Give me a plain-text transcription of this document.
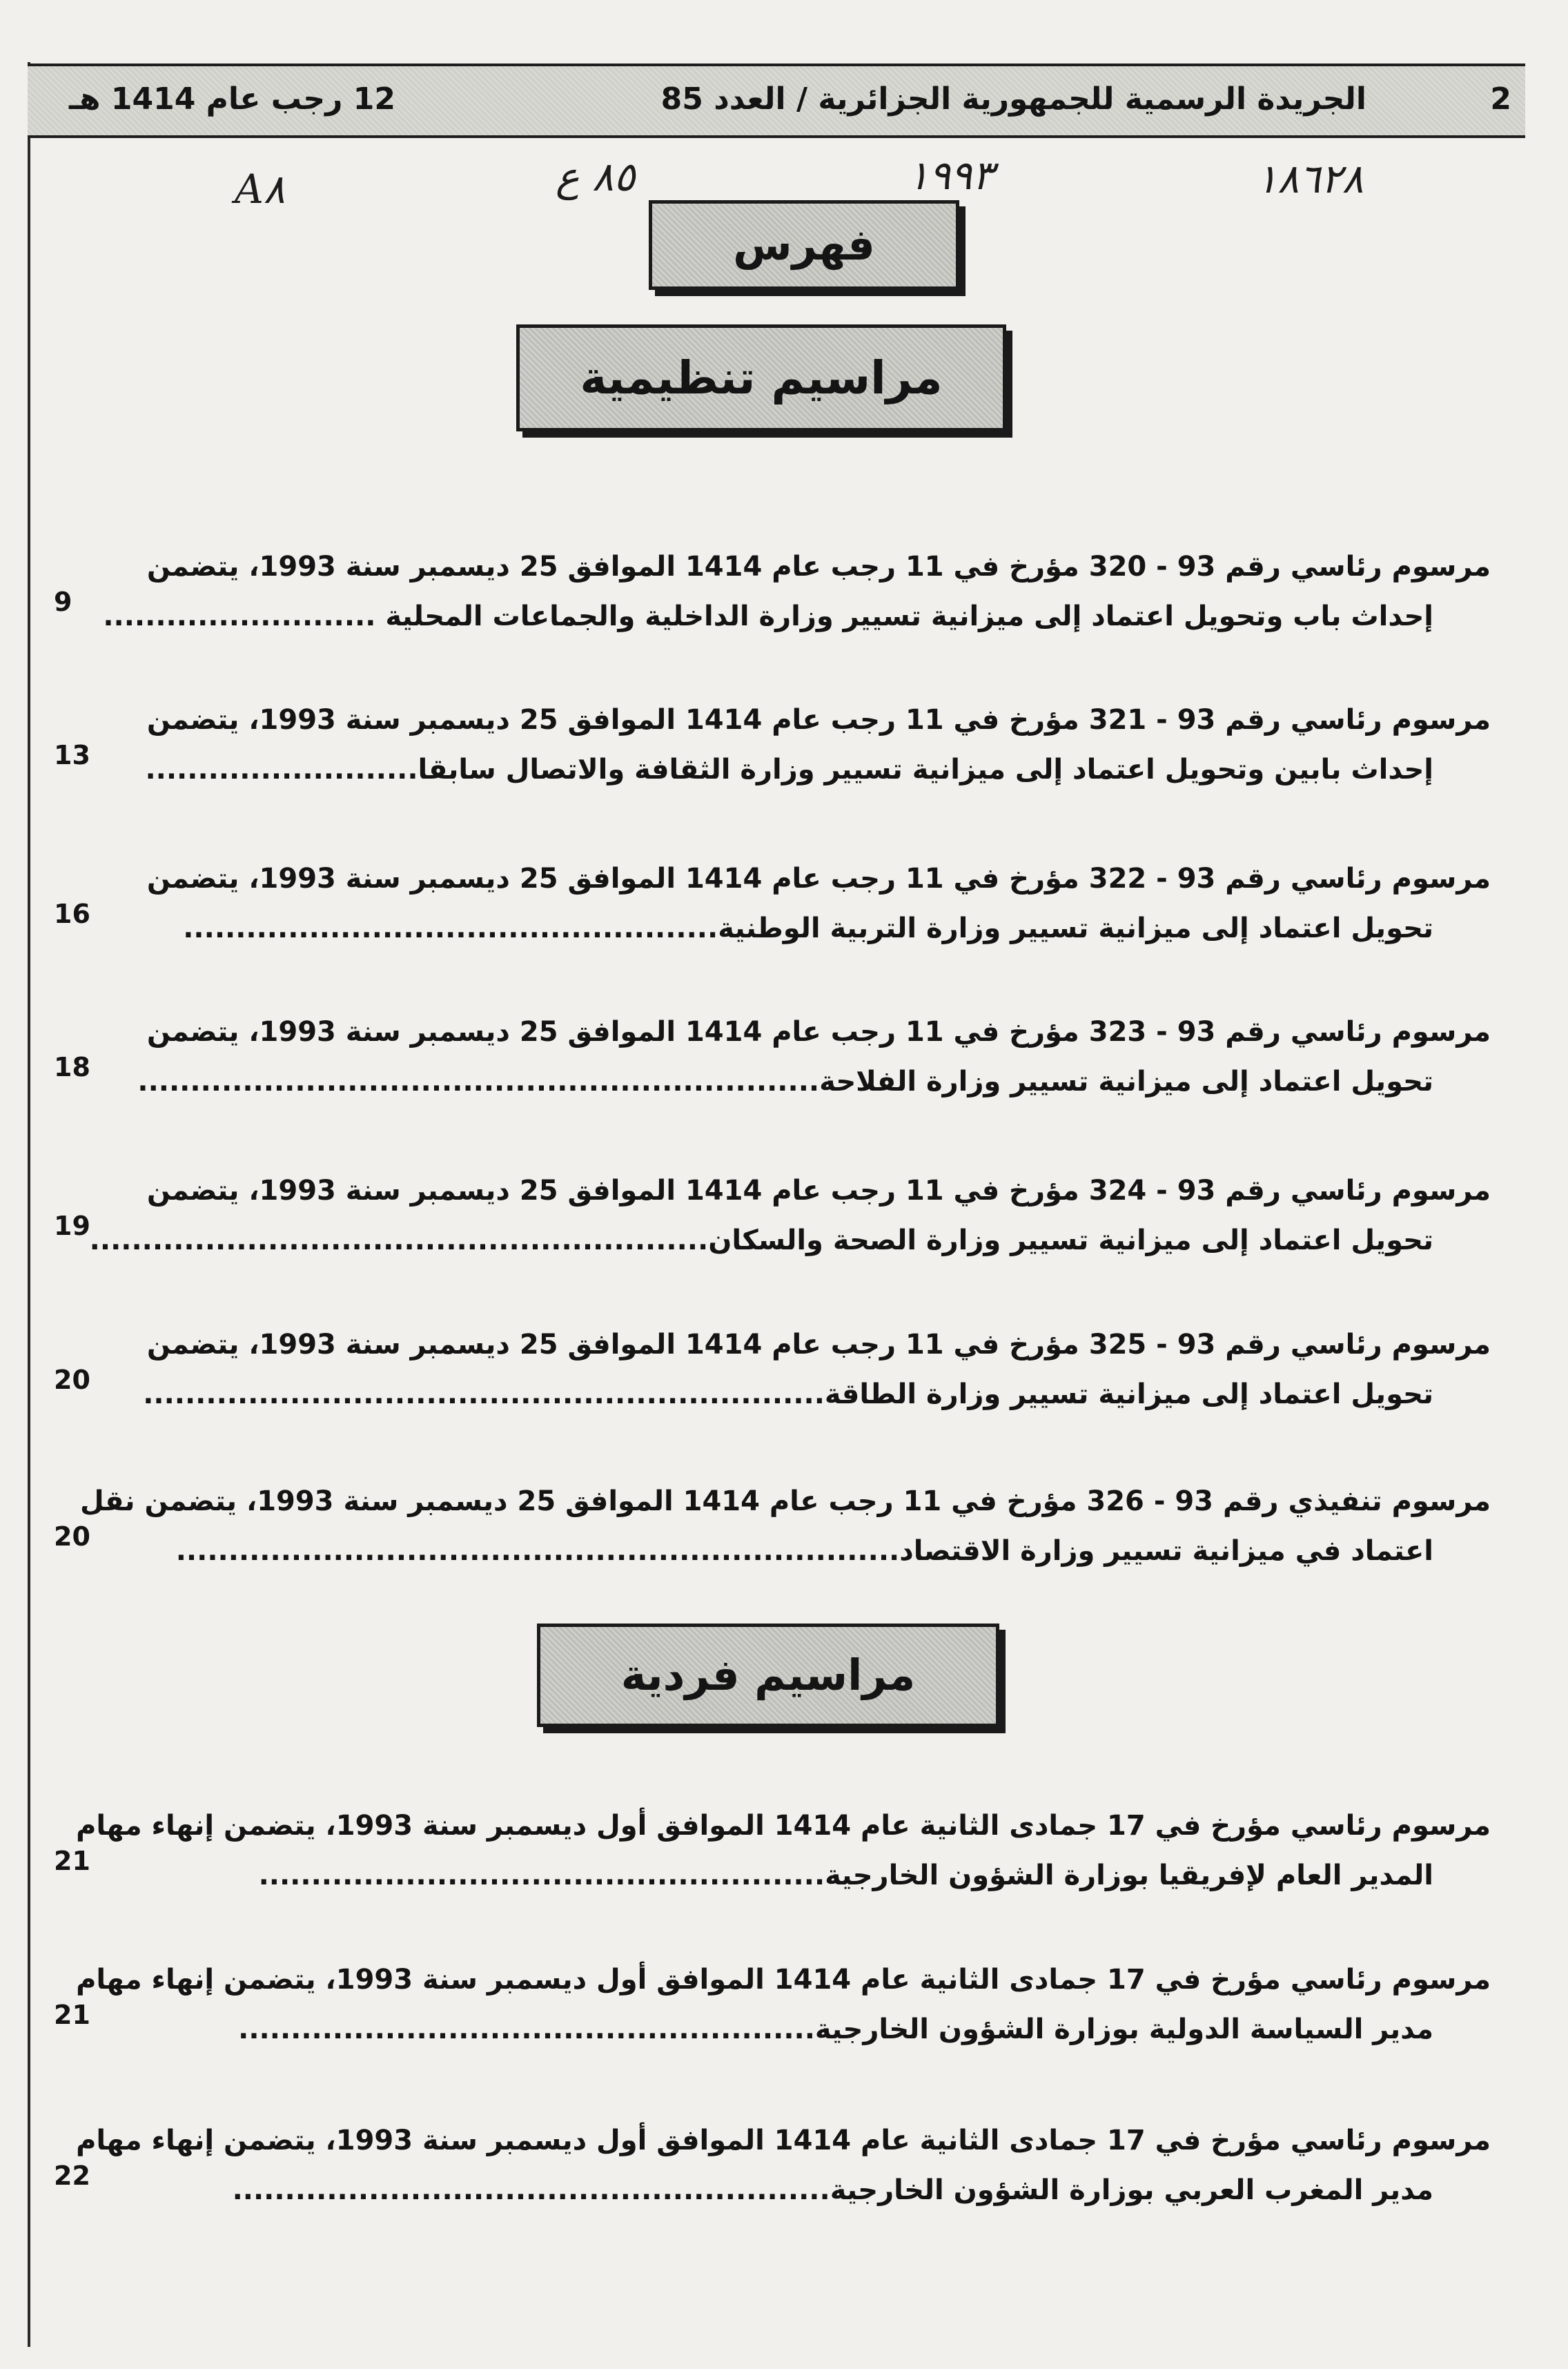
2
الجريدة الرسمية للجمهورية الجزائرية / العدد 85
12 رجب عام 1414 هـ
١٨٦٢٨
١٩٩٣
٨٥ ع
A٨
فهرس
مراسيم تنظيمية
مرسوم رئاسي رقم 93 - 320 مؤرخ في 11 رجب عام 1414 الموافق 25 ديسمبر سنة 1993، يتضمن
إحداث باب وتحويل اعتماد إلى ميزانية تسيير وزارة الداخلية والجماعات المحلية ..........................
9
مرسوم رئاسي رقم 93 - 321 مؤرخ في 11 رجب عام 1414 الموافق 25 ديسمبر سنة 1993، يتضمن
إحداث بابين وتحويل اعتماد إلى ميزانية تسيير وزارة الثقافة والاتصال سابقا..........................
13
مرسوم رئاسي رقم 93 - 322 مؤرخ في 11 رجب عام 1414 الموافق 25 ديسمبر سنة 1993، يتضمن
تحويل اعتماد إلى ميزانية تسيير وزارة التربية الوطنية...................................................
16
مرسوم رئاسي رقم 93 - 323 مؤرخ في 11 رجب عام 1414 الموافق 25 ديسمبر سنة 1993، يتضمن
تحويل اعتماد إلى ميزانية تسيير وزارة الفلاحة.................................................................
18
مرسوم رئاسي رقم 93 - 324 مؤرخ في 11 رجب عام 1414 الموافق 25 ديسمبر سنة 1993، يتضمن
تحويل اعتماد إلى ميزانية تسيير وزارة الصحة والسكان...........................................................
19
مرسوم رئاسي رقم 93 - 325 مؤرخ في 11 رجب عام 1414 الموافق 25 ديسمبر سنة 1993، يتضمن
تحويل اعتماد إلى ميزانية تسيير وزارة الطاقة.................................................................
20
مرسوم تنفيذي رقم 93 - 326 مؤرخ في 11 رجب عام 1414 الموافق 25 ديسمبر سنة 1993، يتضمن نقل
اعتماد في ميزانية تسيير وزارة الاقتصاد.....................................................................
20
مراسيم فردية
مرسوم رئاسي مؤرخ في 17 جمادى الثانية عام 1414 الموافق أول ديسمبر سنة 1993، يتضمن إنهاء مهام
المدير العام لإفريقيا بوزارة الشؤون الخارجية......................................................
21
مرسوم رئاسي مؤرخ في 17 جمادى الثانية عام 1414 الموافق أول ديسمبر سنة 1993، يتضمن إنهاء مهام
مدير السياسة الدولية بوزارة الشؤون الخارجية.......................................................
21
مرسوم رئاسي مؤرخ في 17 جمادى الثانية عام 1414 الموافق أول ديسمبر سنة 1993، يتضمن إنهاء مهام
مدير المغرب العربي بوزارة الشؤون الخارجية.........................................................
22
